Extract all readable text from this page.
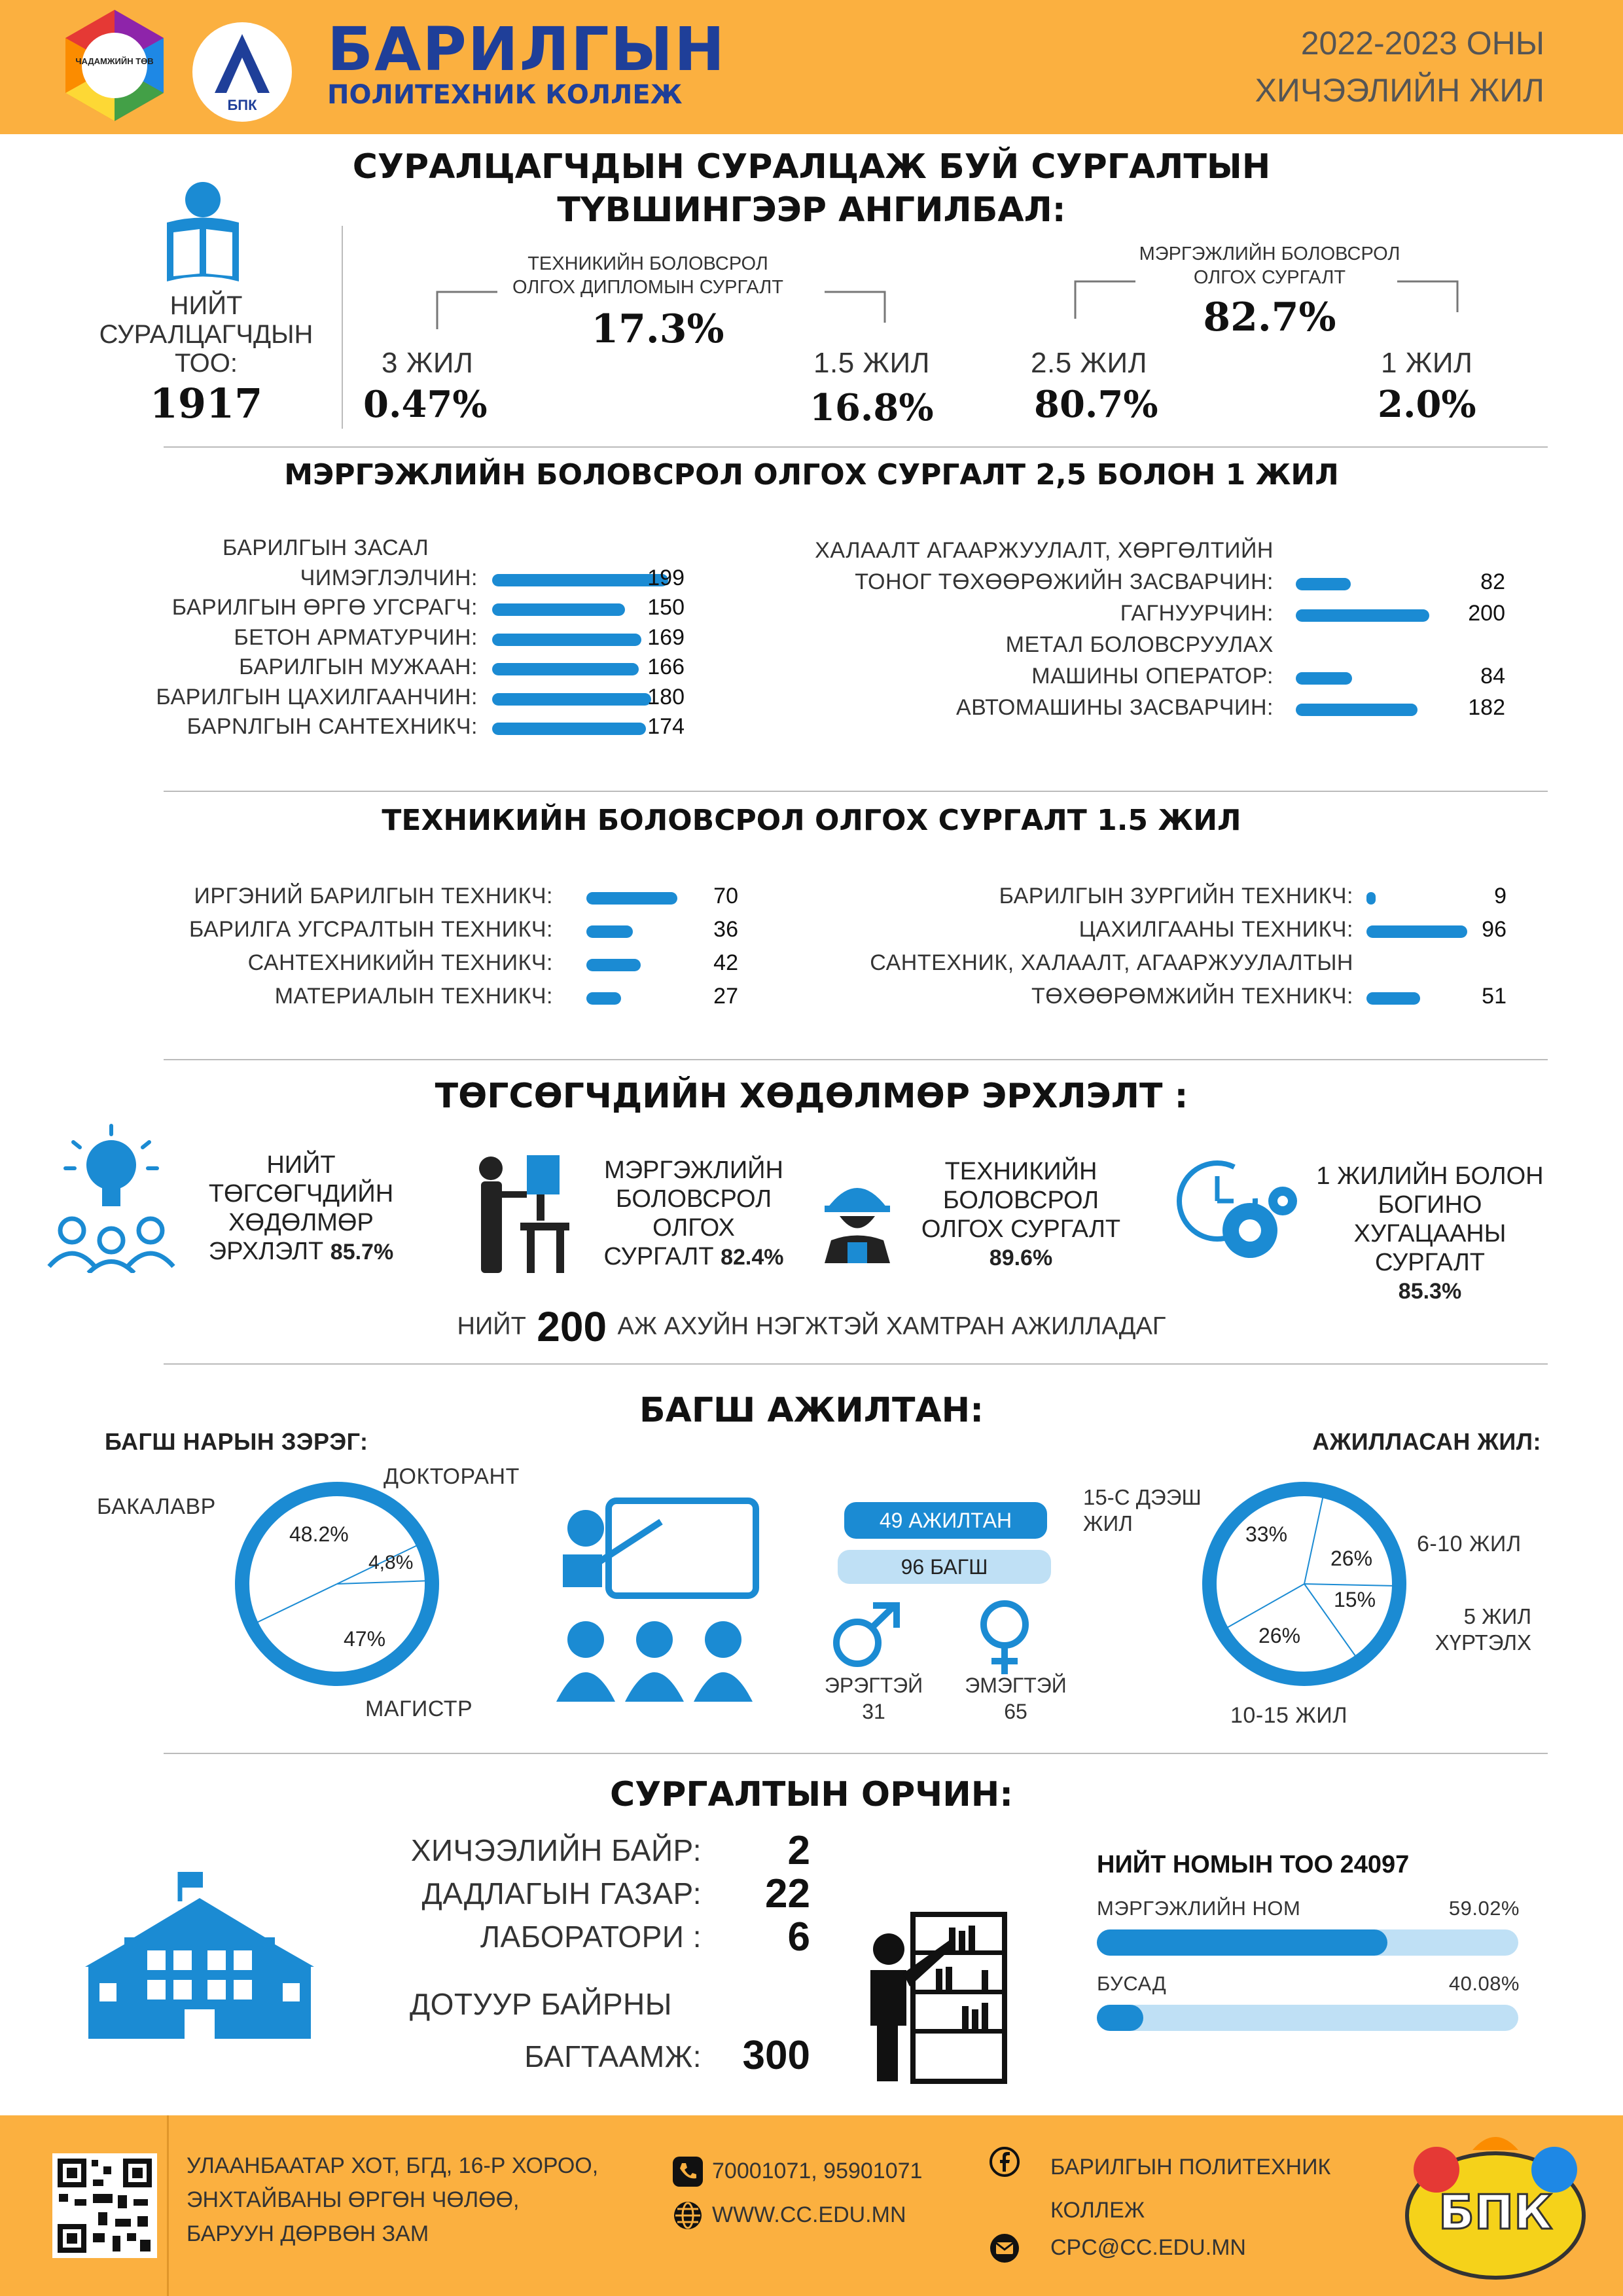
ЧАДАМЖИЙН ТӨВ
БПК
БАРИЛГЫН
ПОЛИТЕХНИК КОЛЛЕЖ
2022-2023 ОНЫ
ХИЧЭЭЛИЙН ЖИЛ
СУРАЛЦАГЧДЫН СУРАЛЦАЖ БУЙ СУРГАЛТЫН
ТҮВШИНГЭЭР АНГИЛБАЛ:
НИЙТ
СУРАЛЦАГЧДЫН
ТОО:
1917
ТЕХНИКИЙН БОЛОВСРОЛ
ОЛГОХ ДИПЛОМЫН СУРГАЛТ
17.3%
МЭРГЭЖЛИЙН БОЛОВСРОЛ
ОЛГОХ СУРГАЛТ
82.7%
3 ЖИЛ
0.47%
1.5 ЖИЛ
16.8%
2.5 ЖИЛ
80.7%
1 ЖИЛ
2.0%
МЭРГЭЖЛИЙН БОЛОВСРОЛ ОЛГОХ СУРГАЛТ 2,5 БОЛОН 1 ЖИЛ
БАРИЛГЫН ЗАСАЛ
ЧИМЭГЛЭЛЧИН:	199
БАРИЛГЫН ӨРГӨ УГСРАГЧ:	150
БЕТОН АРМАТУРЧИН:	169
БАРИЛГЫН МУЖААН:	166
БАРИЛГЫН ЦАХИЛГААНЧИН:	180
БАРNЛГЫН САНТЕХНИКЧ:	174
ХАЛААЛТ АГААРЖУУЛАЛТ, ХӨРГӨЛТИЙН
ТОНОГ ТӨХӨӨРӨЖИЙН ЗАСВАРЧИН:	82
ГАГНУУРЧИН:	200
МЕТАЛ БОЛОВСРУУЛАХ
МАШИНЫ ОПЕРАТОР:	84
АВТОМАШИНЫ ЗАСВАРЧИН:	182
ТЕХНИКИЙН БОЛОВСРОЛ ОЛГОХ СУРГАЛТ 1.5 ЖИЛ
ИРГЭНИЙ БАРИЛГЫН ТЕХНИКЧ:	70
БАРИЛГА УГСРАЛТЫН ТЕХНИКЧ:	36
САНТЕХНИКИЙН ТЕХНИКЧ:	42
МАТЕРИАЛЫН ТЕХНИКЧ:	27
БАРИЛГЫН ЗУРГИЙН ТЕХНИКЧ:	9
ЦАХИЛГААНЫ ТЕХНИКЧ:	96
САНТЕХНИК, ХАЛААЛТ, АГААРЖУУЛАЛТЫН
ТӨХӨӨРӨМЖИЙН ТЕХНИКЧ:	51
ТӨГСӨГЧДИЙН ХӨДӨЛМӨР ЭРХЛЭЛТ :
НИЙТ
ТӨГСӨГЧДИЙН
ХӨДӨЛМӨР
ЭРХЛЭЛТ 85.7%
МЭРГЭЖЛИЙН
БОЛОВСРОЛ
ОЛГОХ
СУРГАЛТ 82.4%
ТЕХНИКИЙН
БОЛОВСРОЛ
ОЛГОХ СУРГАЛТ
89.6%
1 ЖИЛИЙН БОЛОН
БОГИНО ХУГАЦААНЫ
СУРГАЛТ
85.3%
НИЙТ 200 АЖ АХУЙН НЭГЖТЭЙ ХАМТРАН АЖИЛЛАДАГ
БАГШ АЖИЛТАН:
БАГШ НАРЫН ЗЭРЭГ:
БАКАЛАВР
ДОКТОРАНТ
МАГИСТР
48.2%
4,8%
47%
49 АЖИЛТАН
96 БАГШ
ЭРЭГТЭЙ
31
ЭМЭГТЭЙ
65
АЖИЛЛАСАН ЖИЛ:
15-С ДЭЭШ
ЖИЛ
6-10 ЖИЛ
5 ЖИЛ
ХҮРТЭЛХ
10-15 ЖИЛ
33%
26%
15%
26%
СУРГАЛТЫН ОРЧИН:
ХИЧЭЭЛИЙН БАЙР: 2
ДАДЛАГЫН ГАЗАР: 22
ЛАБОРАТОРИ : 6
ДОТУУР БАЙРНЫ
БАГТААМЖ: 300
НИЙТ НОМЫН ТОО 24097
МЭРГЭЖЛИЙН НОМ	59.02%
БУСАД	40.08%
УЛААНБААТАР ХОТ, БГД, 16-Р ХОРОО,
ЭНХТАЙВАНЫ ӨРГӨН ЧӨЛӨӨ,
БАРУУН ДӨРВӨН ЗАМ
70001071, 95901071
WWW.CC.EDU.MN
БАРИЛГЫН ПОЛИТЕХНИК
КОЛЛЕЖ
CPC@CC.EDU.MN
БПК
